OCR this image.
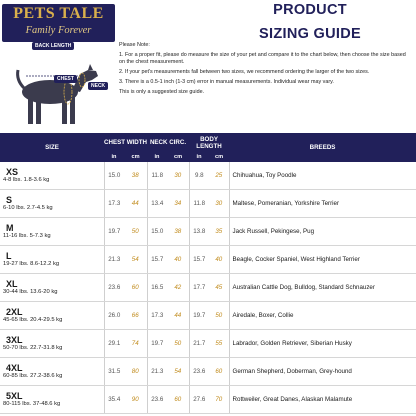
PETS TALE
Family Forever
PRODUCT
SIZING GUIDE
BACK LENGTH
CHEST
NECK

Please Note:

1. For a proper fit, please do measure the size of your pet and compare it to the chart below, then choose the size based on the chest measurement.

2. If your pet's measurements fall between two sizes, we recommend ordering the larger of the two sizes.

3. There is a 0.5-1 inch (1-3 cm) error in manual measurements. Individual wear may vary.

This is only a suggested size guide.

SIZE	CHEST WIDTH		NECK CIRC.		BODY LENGTH		BREEDS
	in	cm	in	cm	in	cm	

XS
4-8 lbs. 1.8-3.6 kg	15.0	38	11.8	30	9.8	25	Chihuahua, Toy Poodle

S
6-10 lbs. 2.7-4.5 kg	17.3	44	13.4	34	11.8	30	Maltese, Pomeranian, Yorkshire Terrier

M
11-16 lbs. 5-7.3 kg	19.7	50	15.0	38	13.8	35	Jack Russell, Pekingese, Pug

L
19-27 lbs. 8.6-12.2 kg	21.3	54	15.7	40	15.7	40	Beagle, Cocker Spaniel, West Highland Terrier

XL
30-44 lbs. 13.6-20 kg	23.6	60	16.5	42	17.7	45	Australian Cattle Dog, Bulldog, Standard Schnauzer

2XL
45-65 lbs. 20.4-29.5 kg	26.0	66	17.3	44	19.7	50	Airedale, Boxer, Collie

3XL
50-70 lbs. 22.7-31.8 kg	29.1	74	19.7	50	21.7	55	Labrador, Golden Retriever, Siberian Husky

4XL
60-85 lbs. 27.2-38.6 kg	31.5	80	21.3	54	23.6	60	German Shepherd, Doberman, Grey-hound

5XL
80-115 lbs. 37-48.6 kg	35.4	90	23.6	60	27.6	70	Rottweiler, Great Danes, Alaskan Malamute
